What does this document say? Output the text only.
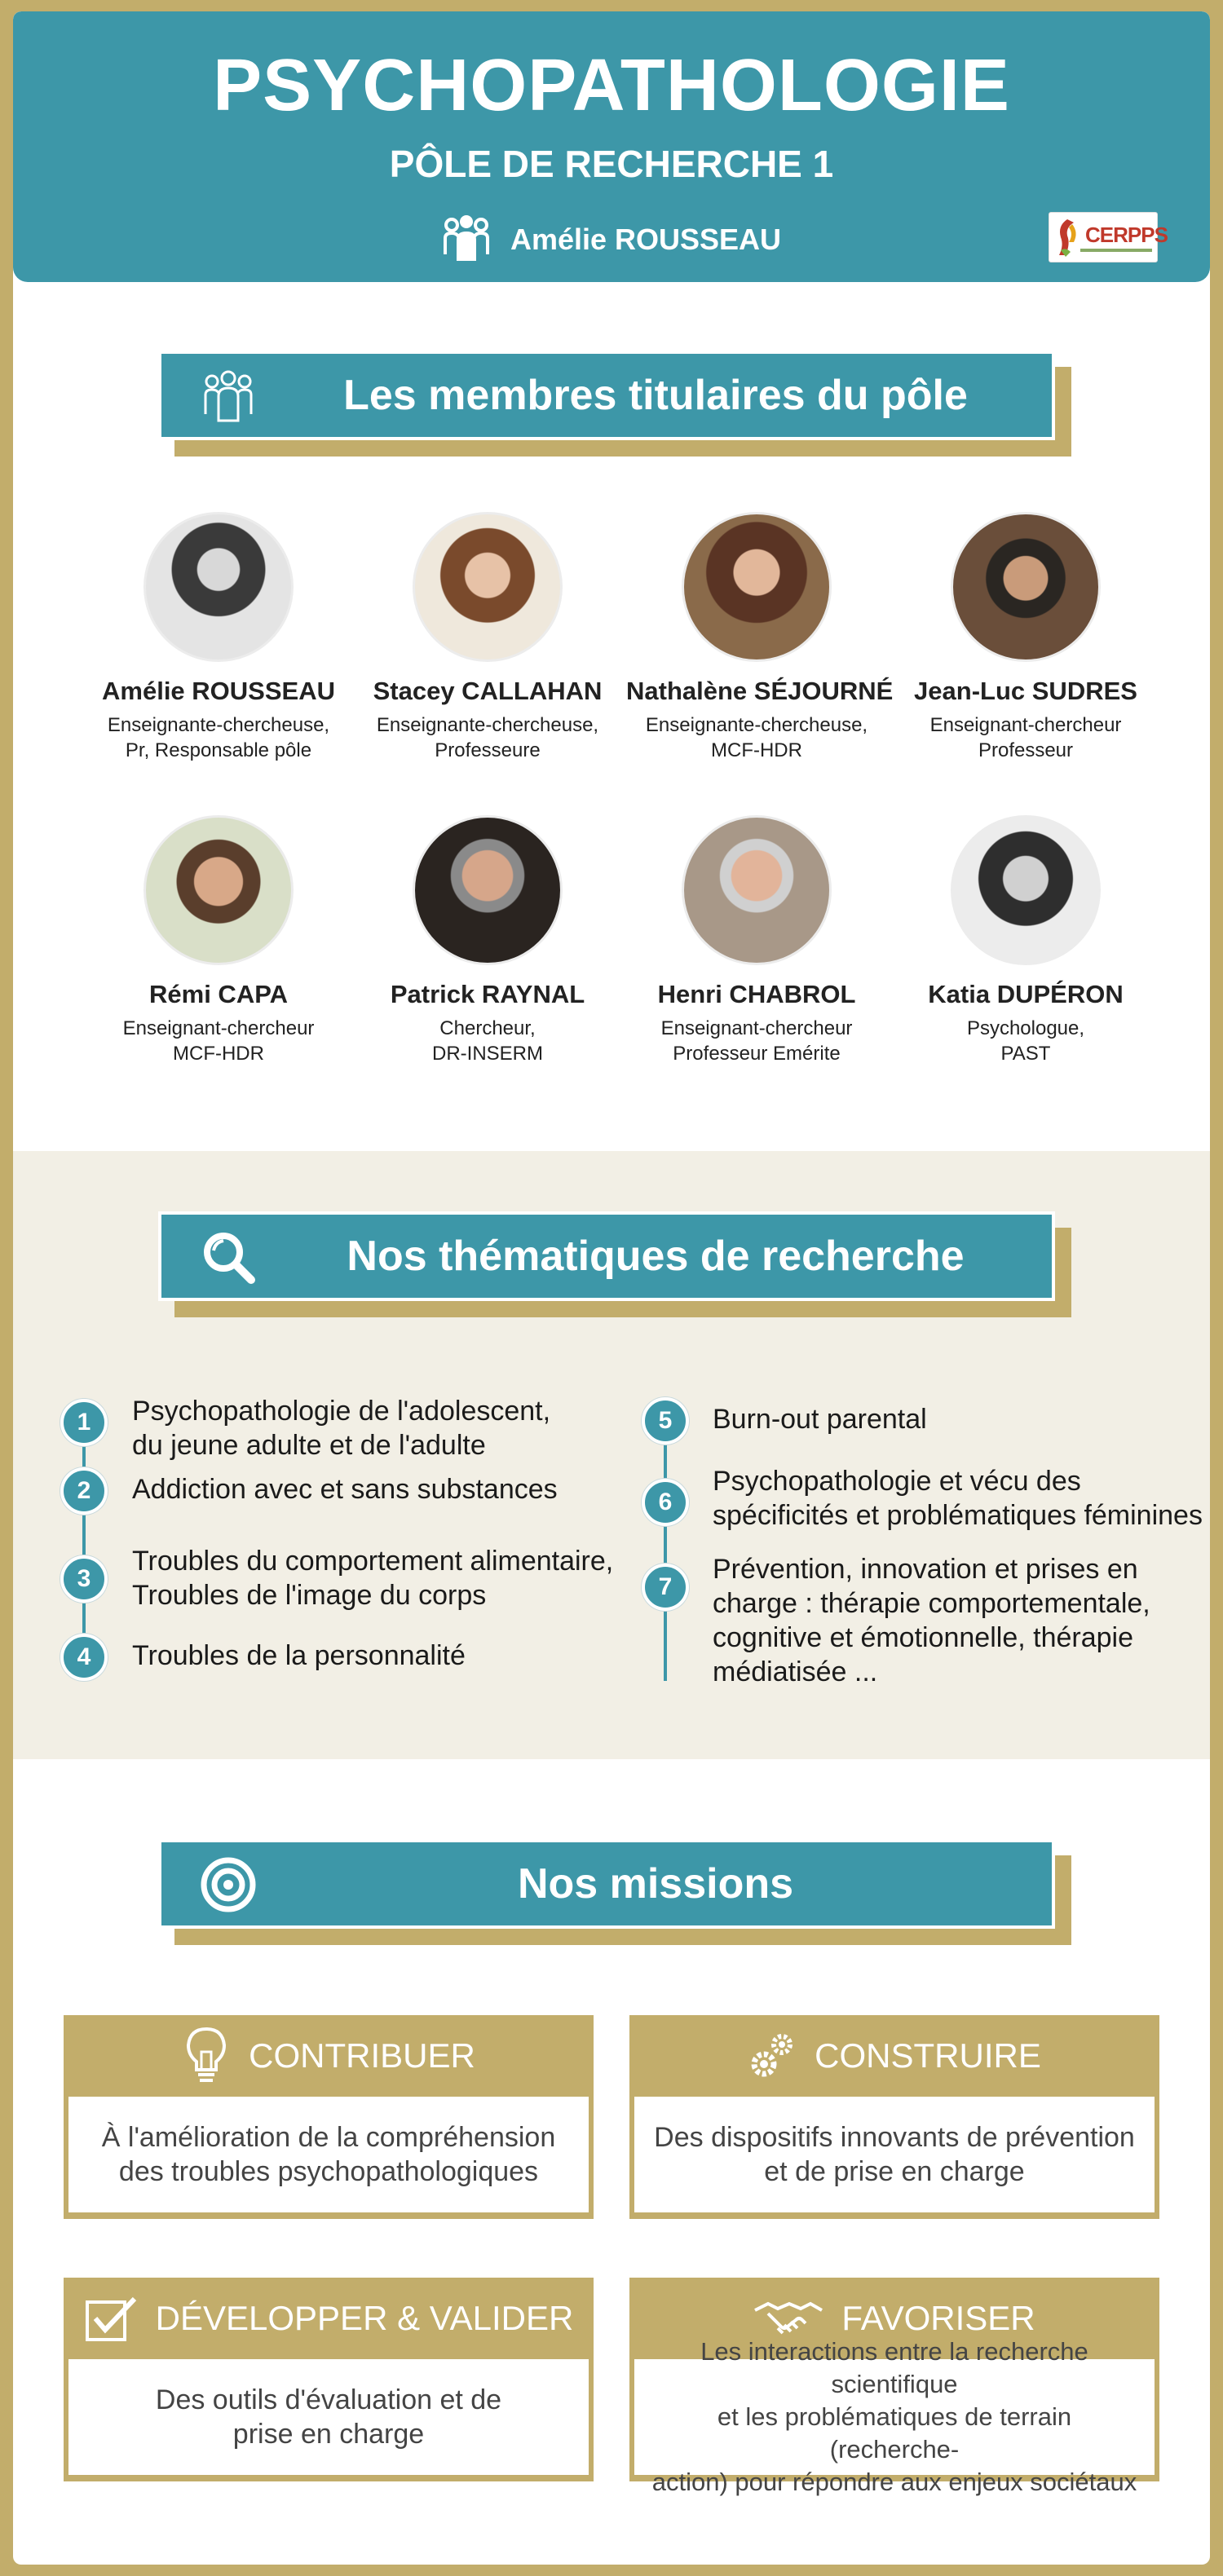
PSYCHOPATHOLOGIE
PÔLE DE RECHERCHE 1
Amélie ROUSSEAU	CERPPS
Les membres titulaires du pôle
Amélie ROUSSEAU
Enseignante-chercheuse,
Pr, Responsable pôle
Stacey CALLAHAN
Enseignante-chercheuse,
Professeure
Nathalène SÉJOURNÉ
Enseignante-chercheuse,
MCF-HDR
Jean-Luc SUDRES
Enseignant-chercheur
Professeur
Rémi CAPA
Enseignant-chercheur
MCF-HDR
Patrick RAYNAL
Chercheur,
DR-INSERM
Henri CHABROL
Enseignant-chercheur
Professeur Emérite
Katia DUPÉRON
Psychologue,
PAST
Nos thématiques de recherche
1	Psychopathologie de l'adolescent,
du jeune adulte et de l'adulte
2	Addiction avec et sans substances
3
Troubles du comportement alimentaire,
Troubles de l'image du corps
4	Troubles de la personnalité
5	Burn-out parental
6
Psychopathologie et vécu des
spécificités et problématiques féminines
7
Prévention, innovation et prises en
charge : thérapie comportementale,
cognitive et émotionnelle, thérapie
médiatisée ...
Nos missions
CONTRIBUER
À l'amélioration de la compréhension
des troubles psychopathologiques
CONSTRUIRE
Des dispositifs innovants de prévention
et de prise en charge
DÉVELOPPER & VALIDER
Des outils d'évaluation et de
prise en charge
FAVORISER
Les interactions entre la recherche scientifique
et les problématiques de terrain (recherche-
action) pour répondre aux enjeux sociétaux
